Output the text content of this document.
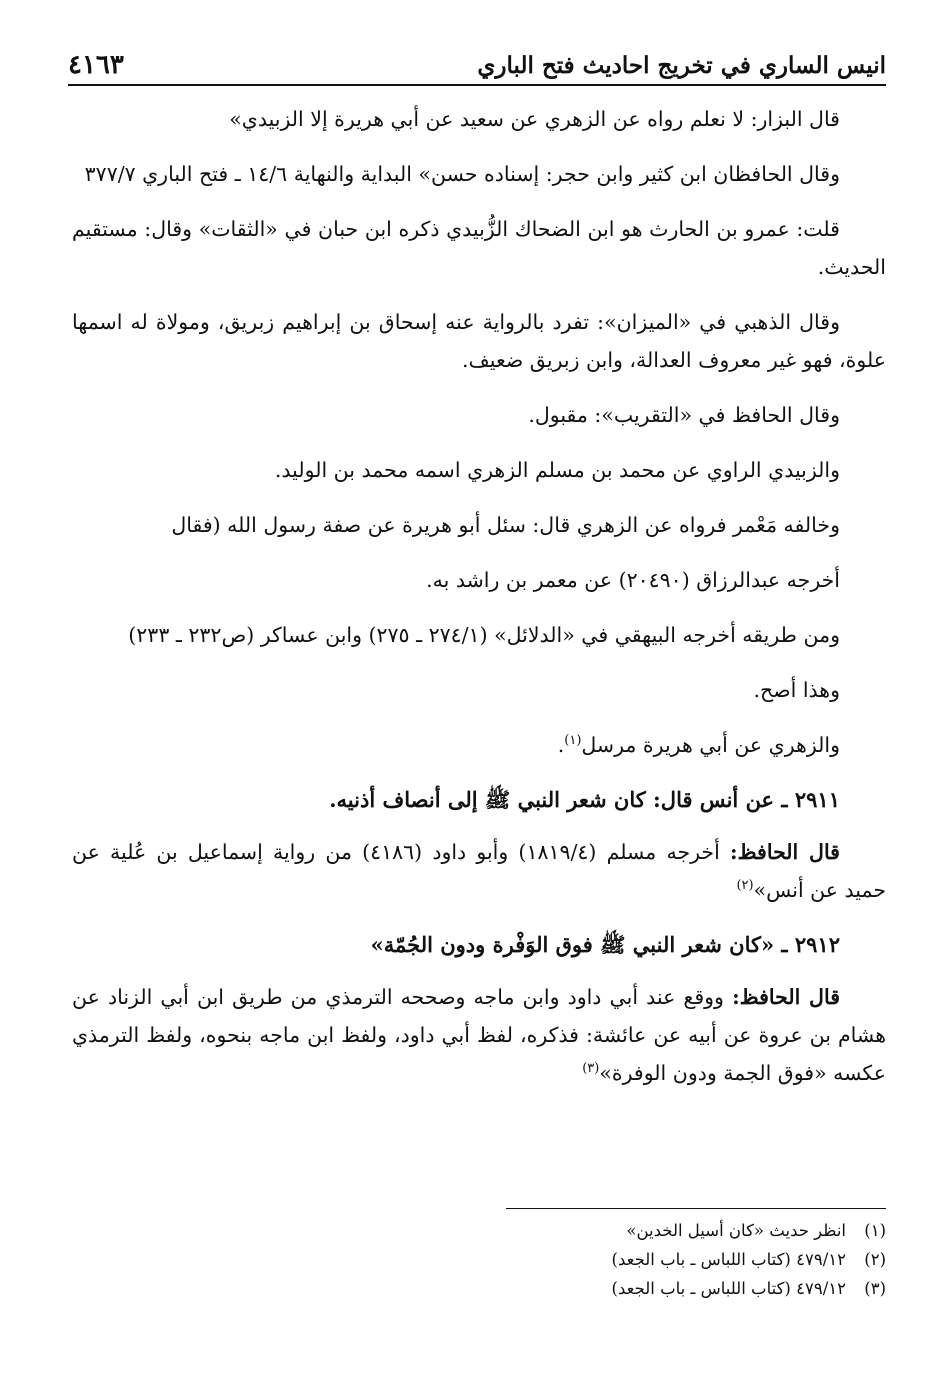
انيس الساري في تخريج احاديث فتح الباري
٤١٦٣

قال البزار: لا نعلم رواه عن الزهري عن سعيد عن أبي هريرة إلا الزبيدي»

وقال الحافظان ابن كثير وابن حجر: إسناده حسن» البداية والنهاية ١٤/٦ ـ فتح الباري ٣٧٧/٧

قلت: عمرو بن الحارث هو ابن الضحاك الزُّبيدي ذكره ابن حبان في «الثقات» وقال: مستقيم الحديث.

وقال الذهبي في «الميزان»: تفرد بالرواية عنه إسحاق بن إبراهيم زبريق، ومولاة له اسمها علوة، فهو غير معروف العدالة، وابن زبريق ضعيف.

وقال الحافظ في «التقريب»: مقبول.

والزبيدي الراوي عن محمد بن مسلم الزهري اسمه محمد بن الوليد.

وخالفه مَعْمر فرواه عن الزهري قال: سئل أبو هريرة عن صفة رسول الله (فقال

أخرجه عبدالرزاق (٢٠٤٩٠) عن معمر بن راشد به.

ومن طريقه أخرجه البيهقي في «الدلائل» (٢٧٤/١ ـ ٢٧٥) وابن عساكر (ص٢٣٢ ـ ٢٣٣)

وهذا أصح.

والزهري عن أبي هريرة مرسل$^{(١)}$.

٢٩١١ ـ عن أنس قال: كان شعر النبي ﷺ إلى أنصاف أذنيه.

قال الحافظ: أخرجه مسلم (١٨١٩/٤) وأبو داود (٤١٨٦) من رواية إسماعيل بن عُلية عن حميد عن أنس»$^{(٢)}$

٢٩١٢ ـ «كان شعر النبي ﷺ فوق الوَفْرة ودون الجُمّة»

قال الحافظ: ووقع عند أبي داود وابن ماجه وصححه الترمذي من طريق ابن أبي الزناد عن هشام بن عروة عن أبيه عن عائشة: فذكره، لفظ أبي داود، ولفظ ابن ماجه بنحوه، ولفظ الترمذي عكسه «فوق الجمة ودون الوفرة»$^{(٣)}$

(١)انظر حديث «كان أسيل الخدين»

(٢)٤٧٩/١٢ (كتاب اللباس ـ باب الجعد)

(٣)٤٧٩/١٢ (كتاب اللباس ـ باب الجعد)
